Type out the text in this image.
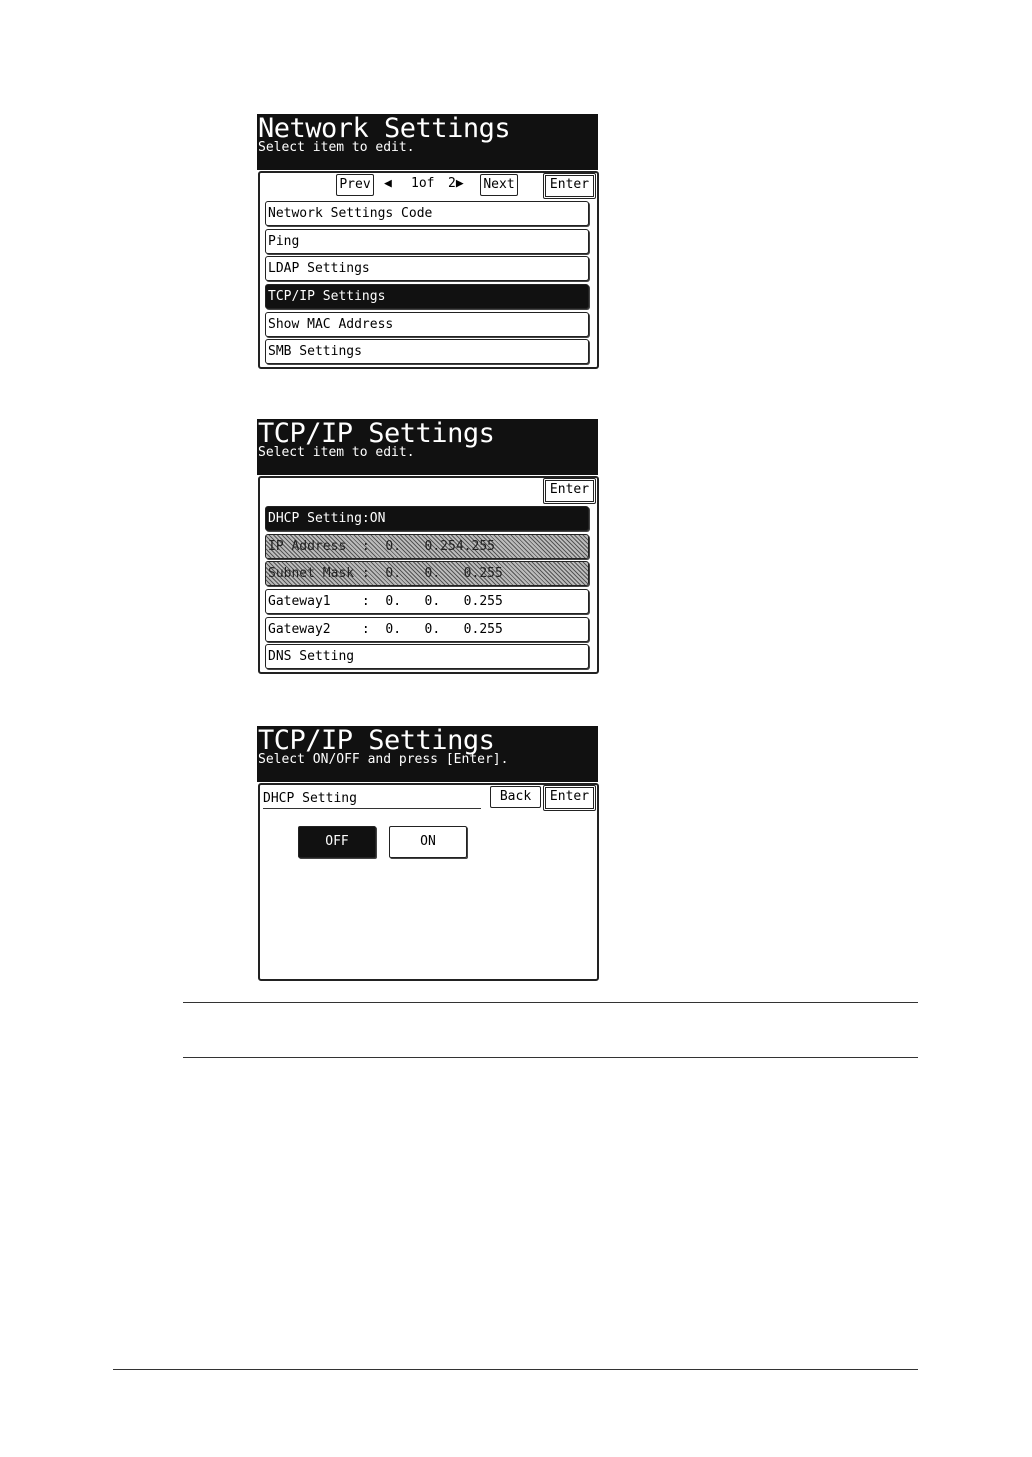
Network Settings
Select item to edit.
Prev ◀ 1of 2▶ Next	Enter
Network Settings Code
Ping
LDAP Settings
TCP/IP Settings
Show MAC Address
SMB Settings
TCP/IP Settings
Select item to edit.
Enter
DHCP Setting:ON
IP Address  :  0.   0.254.255
Subnet Mask :  0.   0.   0.255
Gateway1    :  0.   0.   0.255
Gateway2    :  0.   0.   0.255
DNS Setting
TCP/IP Settings
Select ON/OFF and press [Enter].
DHCP Setting	Back	Enter
OFF	ON
